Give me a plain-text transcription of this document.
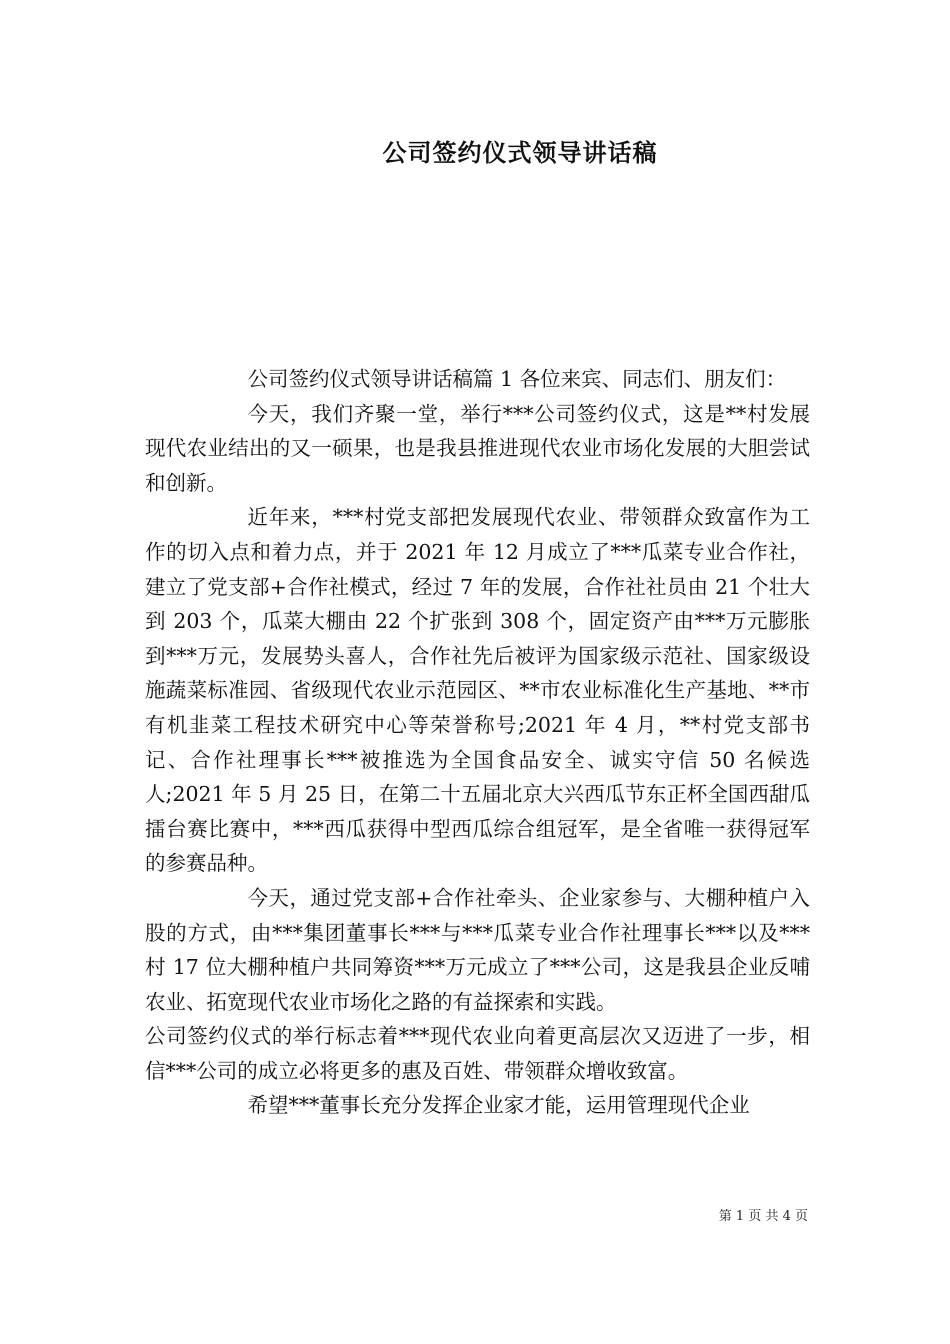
公司签约仪式领导讲话稿

公司签约仪式领导讲话稿篇 1 各位来宾、同志们、朋友们：

今天，我们齐聚一堂，举行***公司签约仪式，这是**村发展现代农业结出的又一硕果，也是我县推进现代农业市场化发展的大胆尝试和创新。

近年来，***村党支部把发展现代农业、带领群众致富作为工作的切入点和着力点，并于 2021 年 12 月成立了***瓜菜专业合作社，建立了党支部+合作社模式，经过 7 年的发展，合作社社员由 21 个壮大到 203 个，瓜菜大棚由 22 个扩张到 308 个，固定资产由***万元膨胀到***万元，发展势头喜人，合作社先后被评为国家级示范社、国家级设施蔬菜标准园、省级现代农业示范园区、**市农业标准化生产基地、**市有机韭菜工程技术研究中心等荣誉称号;2021 年 4 月，**村党支部书记、合作社理事长***被推选为全国食品安全、诚实守信 50 名候选人;2021 年 5 月 25 日，在第二十五届北京大兴西瓜节东正杯全国西甜瓜擂台赛比赛中，***西瓜获得中型西瓜综合组冠军，是全省唯一获得冠军的参赛品种。

今天，通过党支部+合作社牵头、企业家参与、大棚种植户入股的方式，由***集团董事长***与***瓜菜专业合作社理事长***以及***村 17 位大棚种植户共同筹资***万元成立了***公司，这是我县企业反哺农业、拓宽现代农业市场化之路的有益探索和实践。

公司签约仪式的举行标志着***现代农业向着更高层次又迈进了一步，相信***公司的成立必将更多的惠及百姓、带领群众增收致富。

希望***董事长充分发挥企业家才能，运用管理现代企业

第 1 页 共 4 页
